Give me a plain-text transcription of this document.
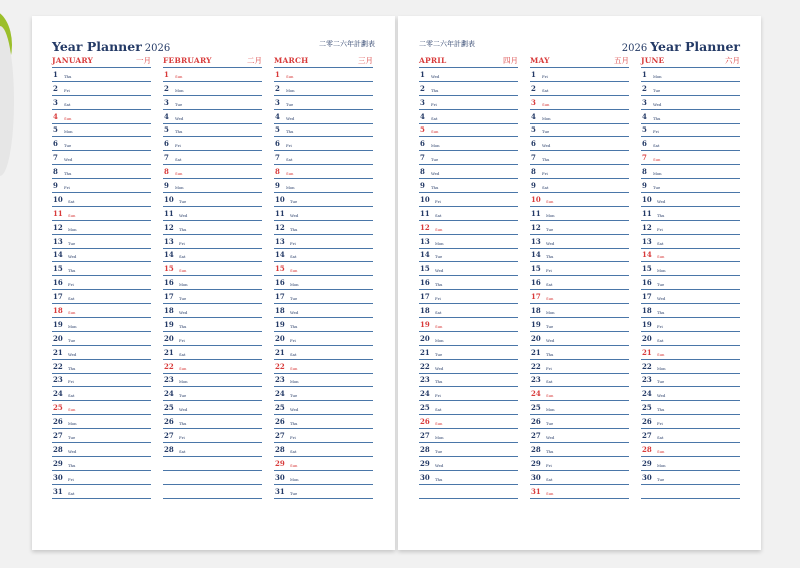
Year Planner 2026	二零二六年計劃表
JANUARY	一月
1 Thu
2 Fri
3 Sat
4 Sun
5 Mon
6 Tue
7 Wed
8 Thu
9 Fri
10 Sat
11 Sun
12 Mon
13 Tue
14 Wed
15 Thu
16 Fri
17 Sat
18 Sun
19 Mon
20 Tue
21 Wed
22 Thu
23 Fri
24 Sat
25 Sun
26 Mon
27 Tue
28 Wed
29 Thu
30 Fri
31 Sat
FEBRUARY	二月
1 Sun
2 Mon
3 Tue
4 Wed
5 Thu
6 Fri
7 Sat
8 Sun
9 Mon
10 Tue
11 Wed
12 Thu
13 Fri
14 Sat
15 Sun
16 Mon
17 Tue
18 Wed
19 Thu
20 Fri
21 Sat
22 Sun
23 Mon
24 Tue
25 Wed
26 Thu
27 Fri
28 Sat
MARCH	三月
1 Sun
2 Mon
3 Tue
4 Wed
5 Thu
6 Fri
7 Sat
8 Sun
9 Mon
10 Tue
11 Wed
12 Thu
13 Fri
14 Sat
15 Sun
16 Mon
17 Tue
18 Wed
19 Thu
20 Fri
21 Sat
22 Sun
23 Mon
24 Tue
25 Wed
26 Thu
27 Fri
28 Sat
29 Sun
30 Mon
31 Tue
二零二六年計劃表	2026 Year Planner
APRIL	四月
1 Wed
2 Thu
3 Fri
4 Sat
5 Sun
6 Mon
7 Tue
8 Wed
9 Thu
10 Fri
11 Sat
12 Sun
13 Mon
14 Tue
15 Wed
16 Thu
17 Fri
18 Sat
19 Sun
20 Mon
21 Tue
22 Wed
23 Thu
24 Fri
25 Sat
26 Sun
27 Mon
28 Tue
29 Wed
30 Thu
MAY	五月
1 Fri
2 Sat
3 Sun
4 Mon
5 Tue
6 Wed
7 Thu
8 Fri
9 Sat
10 Sun
11 Mon
12 Tue
13 Wed
14 Thu
15 Fri
16 Sat
17 Sun
18 Mon
19 Tue
20 Wed
21 Thu
22 Fri
23 Sat
24 Sun
25 Mon
26 Tue
27 Wed
28 Thu
29 Fri
30 Sat
31 Sun
JUNE	六月
1 Mon
2 Tue
3 Wed
4 Thu
5 Fri
6 Sat
7 Sun
8 Mon
9 Tue
10 Wed
11 Thu
12 Fri
13 Sat
14 Sun
15 Mon
16 Tue
17 Wed
18 Thu
19 Fri
20 Sat
21 Sun
22 Mon
23 Tue
24 Wed
25 Thu
26 Fri
27 Sat
28 Sun
29 Mon
30 Tue
